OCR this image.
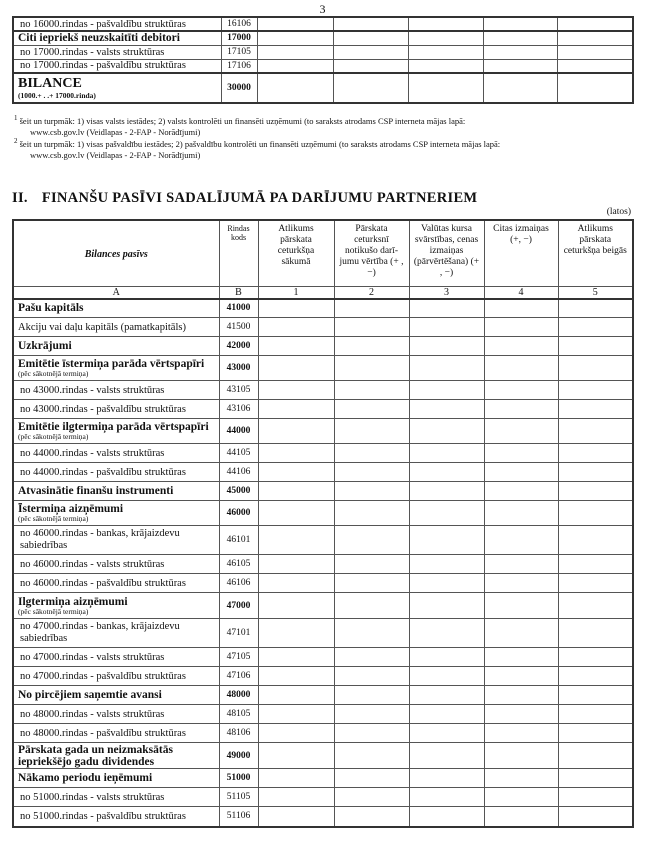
3
no 16000.rindas - pašvaldību struktūras	16106					
Citi iepriekš neuzskaitīti debitori	17000					
no 17000.rindas - valsts struktūras	17105					
no 17000.rindas - pašvaldību struktūras	17106					
BILANCE
(1000.+ . .+ 17000.rinda)	30000					
$^1$ šeit un turpmāk: 1) visas valsts iestādes; 2) valsts kontrolēti un finansēti uzņēmumi (to saraksts atrodams CSP interneta mājas lapā:
www.csb.gov.lv (Veidlapas - 2-FAP - Norādījumi)
$^2$ šeit un turpmāk: 1) visas pašvaldību iestādes; 2) pašvaldību kontrolēti un finansēti uzņēmumi (to saraksts atrodams CSP interneta mājas lapā:
www.csb.gov.lv (Veidlapas - 2-FAP - Norādījumi)
II. FINANŠU PASĪVI SADALĪJUMĀ PA DARĪJUMU PARTNERIEM
(latos)
Bilances pasīvs	Rindas kods	Atlikums pārskata ceturkšņa sākumā	Pārskata ceturksnī notikušo darī-jumu vērtība (+ , −)	Valūtas kursa svārstības, cenas izmaiņas (pārvērtēšana) (+ , −)	Citas izmaiņas (+, −)	Atlikums pārskata ceturkšņa beigās
A	B	1	2	3	4	5
Pašu kapitāls	41000					
Akciju vai daļu kapitāls (pamatkapitāls)	41500					
Uzkrājumi	42000					
Emitētie īstermiņa parāda vērtspapīri
(pēc sākotnējā termiņa)	43000					
no 43000.rindas - valsts struktūras	43105					
no 43000.rindas - pašvaldību struktūras	43106					
Emitētie ilgtermiņa parāda vērtspapīri
(pēc sākotnējā termiņa)	44000					
no 44000.rindas - valsts struktūras	44105					
no 44000.rindas - pašvaldību struktūras	44106					
Atvasinātie finanšu instrumenti	45000					
Īstermiņa aizņēmumi
(pēc sākotnējā termiņa)	46000					
no 46000.rindas - bankas, krājaizdevu
sabiedrības	46101					
no 46000.rindas - valsts struktūras	46105					
no 46000.rindas - pašvaldību struktūras	46106					
Ilgtermiņa aizņēmumi
(pēc sākotnējā termiņa)	47000					
no 47000.rindas - bankas, krājaizdevu
sabiedrības	47101					
no 47000.rindas - valsts struktūras	47105					
no 47000.rindas - pašvaldību struktūras	47106					
No pircējiem saņemtie avansi	48000					
no 48000.rindas - valsts struktūras	48105					
no 48000.rindas - pašvaldību struktūras	48106					
Pārskata gada un neizmaksātās
iepriekšējo gadu dividendes	49000					
Nākamo periodu ieņēmumi	51000					
no 51000.rindas - valsts struktūras	51105					
no 51000.rindas - pašvaldību struktūras	51106					
